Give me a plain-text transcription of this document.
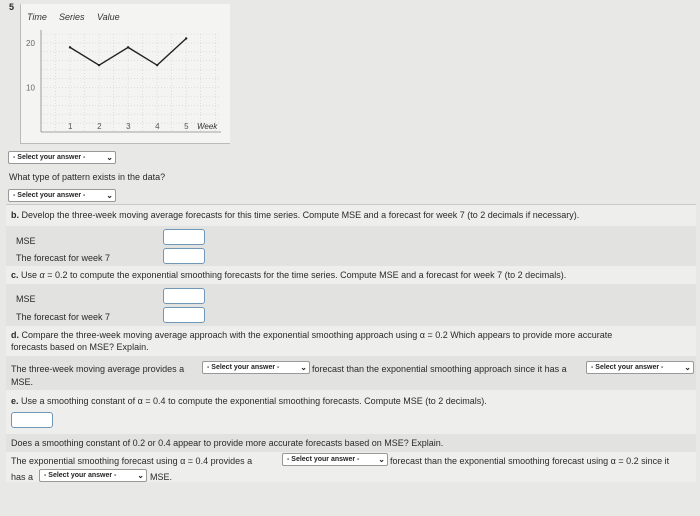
5
Time Series Value
20
10
1	2	3	4	5 Week
- Select your answer -	⌄
What type of pattern exists in the data?
- Select your answer -	⌄
b. Develop the three-week moving average forecasts for this time series. Compute MSE and a forecast for week 7 (to 2 decimals if necessary).
MSE
The forecast for week 7
c. Use α = 0.2 to compute the exponential smoothing forecasts for the time series. Compute MSE and a forecast for week 7 (to 2 decimals).
MSE
The forecast for week 7
d. Compare the three-week moving average approach with the exponential smoothing approach using α = 0.2 Which appears to provide more accurate
forecasts based on MSE? Explain.
The three-week moving average provides a	- Select your answer -	⌄ forecast than the exponential smoothing approach since it has a	- Select your answer -	⌄
MSE.
e. Use a smoothing constant of α = 0.4 to compute the exponential smoothing forecasts. Compute MSE (to 2 decimals).
Does a smoothing constant of 0.2 or 0.4 appear to provide more accurate forecasts based on MSE? Explain.
The exponential smoothing forecast using α = 0.4 provides a	- Select your answer - ⌄ forecast than the exponential smoothing forecast using α = 0.2 since it
has a	- Select your answer -	⌄ MSE.
